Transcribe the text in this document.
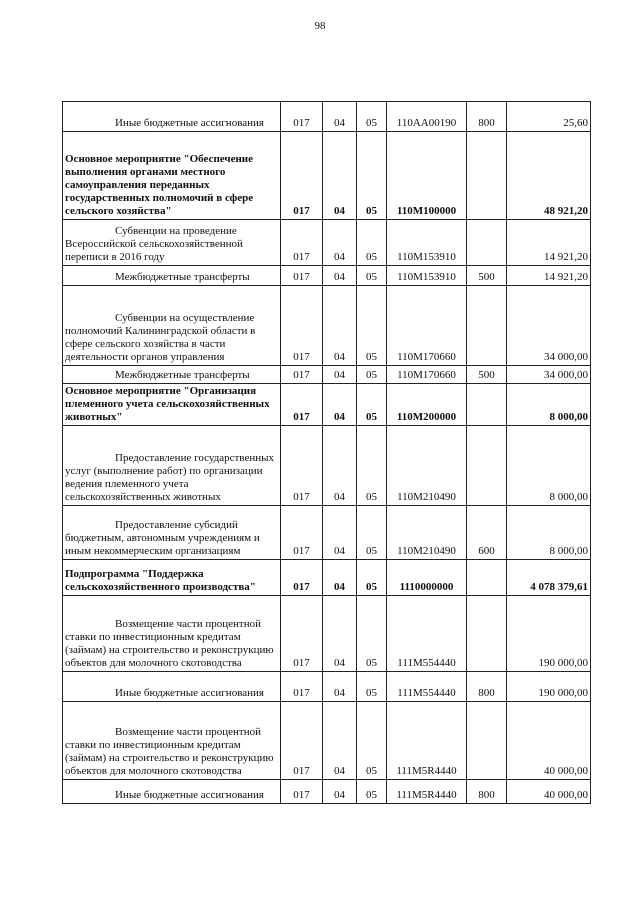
98
Иные бюджетные ассигнования	017	04	05	110АА00190	800	25,60
Основное мероприятие "Обеспечение выполнения органами местного самоуправления переданных государственных полномочий в сфере сельского хозяйства"	017	04	05	110М100000		48 921,20
Субвенции на проведение Всероссийской сельскохозяйственной переписи в 2016 году	017	04	05	110М153910		14 921,20
Межбюджетные трансферты	017	04	05	110М153910	500	14 921,20
Субвенции на осуществление полномочий Калининградской области в сфере сельского хозяйства в части деятельности органов управления	017	04	05	110М170660		34 000,00
Межбюджетные трансферты	017	04	05	110М170660	500	34 000,00
Основное мероприятие "Организация племенного учета сельскохозяйственных животных"	017	04	05	110М200000		8 000,00
Предоставление государственных услуг (выполнение работ) по организации ведения племенного учета сельскохозяйственных животных	017	04	05	110М210490		8 000,00
Предоставление субсидий бюджетным, автономным учреждениям и иным некоммерческим организациям	017	04	05	110М210490	600	8 000,00
Подпрограмма "Поддержка сельскохозяйственного производства"	017	04	05	1110000000		4 078 379,61
Возмещение части процентной ставки по инвестиционным кредитам (займам) на строительство и реконструкцию объектов для молочного скотоводства	017	04	05	111М554440		190 000,00
Иные бюджетные ассигнования	017	04	05	111М554440	800	190 000,00
Возмещение части процентной ставки по инвестиционным кредитам (займам) на строительство и реконструкцию объектов для молочного скотоводства	017	04	05	111М5R4440		40 000,00
Иные бюджетные ассигнования	017	04	05	111М5R4440	800	40 000,00
